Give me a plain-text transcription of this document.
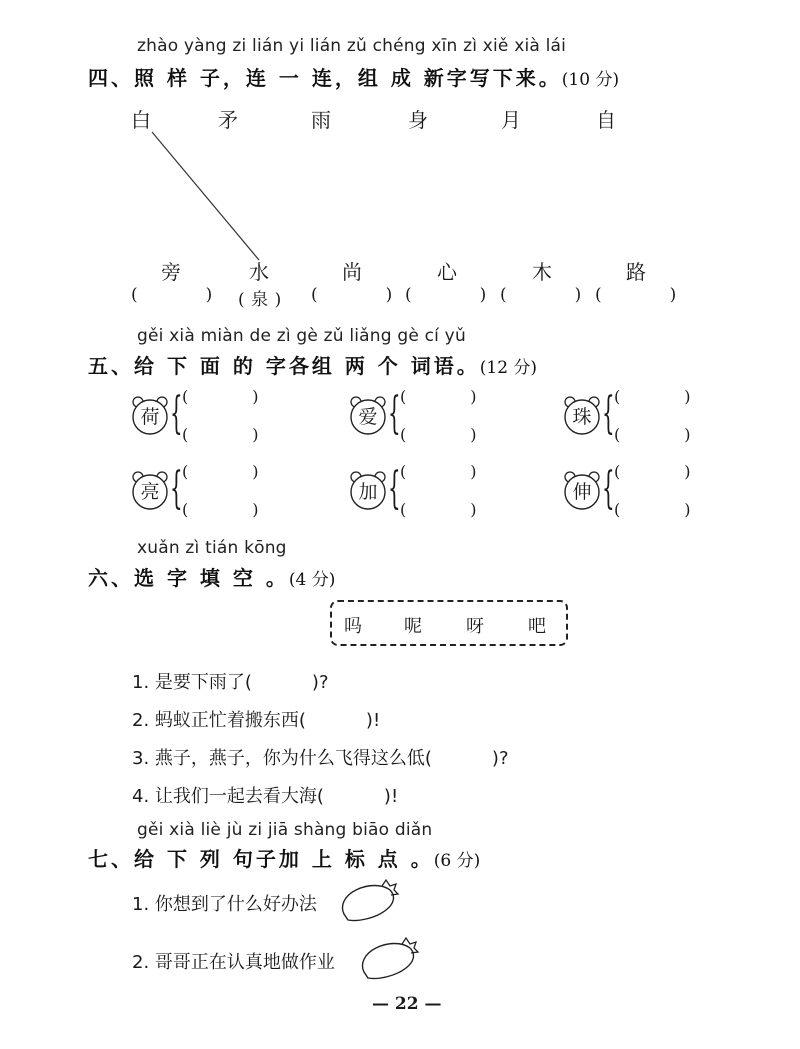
zhào yàng zi lián yi lián zǔ chéng xīn zì xiě xià lái
四、照 样 子，连 一 连，组 成 新字写下来。(10 分)
白	矛	雨	身	月	自
旁	水	尚	心	木	路
(	) ( 泉 ) (	) (	) (	) (	)
gěi xià miàn de zì gè zǔ liǎng gè cí yǔ
五、给 下 面 的 字各组 两 个 词语。(12 分)
荷 { (	)
(	)
爱 { (	)
(	)
珠 { (	)
(	)
亮 { (	)
(	)
加 { (	)
(	)
伸 { (	)
(	)
xuǎn zì tián kōng
六、选 字 填 空 。(4 分)
吗 呢 呀 吧
1. 是要下雨了(	)?
2. 蚂蚁正忙着搬东西(	)!
3. 燕子，燕子，你为什么飞得这么低(	)?
4. 让我们一起去看大海(	)!
gěi xià liè jù zi jiā shàng biāo diǎn
七、给 下 列 句子加 上 标 点 。(6 分)
1. 你想到了什么好办法
2. 哥哥正在认真地做作业
— 22 —
